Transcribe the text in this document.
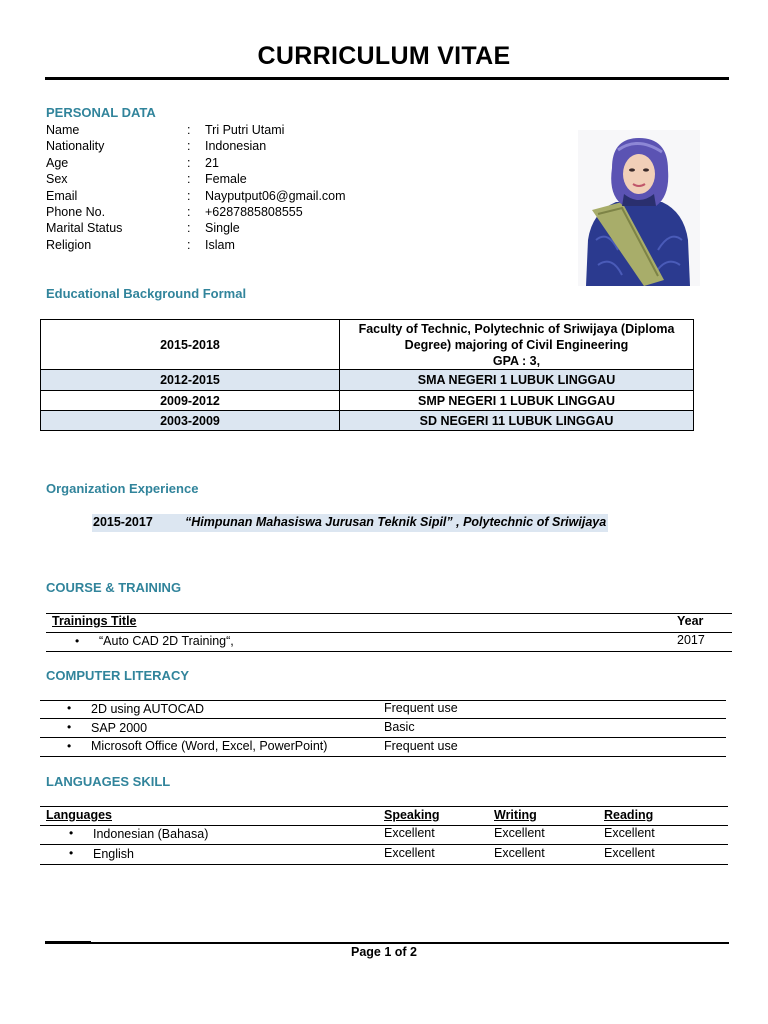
CURRICULUM VITAE
PERSONAL DATA
Name	: Tri Putri Utami
Nationality	: Indonesian
Age	: 21
Sex	: Female
Email	: Nayputput06@gmail.com
Phone No.	: +6287885808555
Marital Status	: Single
Religion	: Islam
Educational Background Formal
2015-2018	Faculty of Technic, Polytechnic of Sriwijaya (Diploma
Degree) majoring of Civil Engineering
GPA : 3,

2012-2015	SMA NEGERI 1 LUBUK LINGGAU
2009-2012	SMP NEGERI 1 LUBUK LINGGAU
2003-2009	SD NEGERI 11 LUBUK LINGGAU
Organization Experience
2015-2017	“Himpunan Mahasiswa Jurusan Teknik Sipil” , Polytechnic of Sriwijaya
COURSE & TRAINING
Trainings Title	Year
• “Auto CAD 2D Training“,	2017
COMPUTER LITERACY
• 2D using AUTOCAD	Frequent use
• SAP 2000	Basic
• Microsoft Office (Word, Excel, PowerPoint)	Frequent use
LANGUAGES SKILL
Languages	Speaking	Writing	Reading
• Indonesian (Bahasa)	Excellent	Excellent	Excellent
• English	Excellent	Excellent	Excellent
Page 1 of 2
